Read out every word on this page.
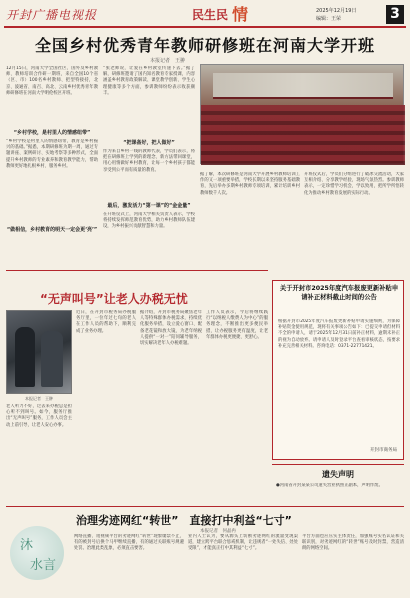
开封广播电视报	民生民 情	2025年12月19日
编辑：王荣	3
全国乡村优秀青年教师研修班在河南大学开班
本报记者　王翀
12月15日，河南大学全国社区、国外及乡村教师、教师培训合作研一期班，来自全国10个省（区、市）100名乡村教师、把型特接持，北京、波通省、南召、高北、云南乡村优秀青年教师研修班在河南大学明伦校区开班。
“乡村学校，是村里人的情感纽带”
“乡村学校是村里人的情感纽带，教育是乡村振兴的基础。”据悉，本期研修班为期一周，通过专题讲座、案例研讨、实地考察等多种形式，全面提升乡村教师的专业素养和教育教学能力，帮助教师更好地扎根乡村、服务乡村。
“做相信，乡村教育的明天一定会更‘亮’”
“张老师说，让爱在乡村教室传递下去。”据了解，研修班邀请了国内知名教育专家授课，内容涵盖乡村教育政策解读、课堂教学创新、学生心理健康等多个方面，参训教师纷纷表示收获颇丰。
“把课备好，把人做好”
作为来自乡村一线的教师代表，学员们表示，将把在研修班上学到的新理念、新方法带回课堂，用心用情做好乡村教育，让每一个乡村孩子都能享受到公平而有质量的教育。
最后，激发活力“第一课”的“金金量”
在开班仪式上，河南大学相关负责人表示，学校将持续发挥师范教育优势，助力乡村教师队伍建设，为乡村振兴贡献智慧和力量。
据了解，本次研修班是河南大学开展乡村教师培训工作的又一项重要举措，学校长期以来坚持服务基础教育，先后举办多期乡村教师专项培训，累计培训乡村教师数千人次。
开班仪式后，学员们分组进行了破冰交流活动，大家互相介绍、分享教学经验，现场气氛热烈。参训教师表示，一定珍惜学习机会，学以致用，把所学所悟转化为推动乡村教育发展的实际行动。
“无声叫号”让老人办税无忧
本报记者　王翀
老人听力不好，过去来办税总是担心听不到叫号。如今，服务厅推出“无声叫号”服务，工作人员会主动上前引导，让老人安心办事。
近日，在开封市税务局办税服务厅里，一位年过七旬的老人在工作人员的帮助下，顺利完成了业务办理。
据介绍，开封市税务局聚焦老年人等特殊群体办税需求，持续优化服务举措，设立爱心窗口、配备老花镜和放大镜，为老年纳税人提供“一对一”陪同辅导服务，切实解决老年人办税难题。
工作人员表示，今后将继续践行“以纳税人缴费人为中心”的服务理念，不断推出更多便民举措，让办税服务更有温度，让老年群体办税更便捷、更舒心。
关于开封市2025年度汽车报废更新补贴申请补正材料截止时间的公告
根据开封市2025年度汽车报废更新补贴申请实施细则，为保障补贴资金使用规范，现将有关事项公告如下：已提交申请但材料不全的申请人，请于2025年12月31日前补正材料，逾期未补正的视为自动放弃。请申请人及时登录平台查看审核状态，按要求补充完善相关材料。咨询电话：0371-22771421。
开封市商务局
遗失声明
●河南省开封某某公司遗失营业执照正副本，声明作废。
沐
水言
治理劣迹网红“转世”　直接打中利益“七寸”
本报记者　何晶冉
网络直播、短视频平台的劣迹网红“转世”现象屡禁不止，有的被封号后换个马甲继续直播，有的通过关联账号规避处罚。治理此类乱象，必须直击要害。
业内人士认为，要从源头上切断劣迹网红的流量变现渠道，建立跨平台联合惩戒机制，让违规者“一处失信、处处受限”，才能真正打中其利益“七寸”。
平台方面也应压实主体责任，加强账号实名认证和关联识别，对劣迹网红的“转世”账号及时封禁，营造清朗的网络空间。
